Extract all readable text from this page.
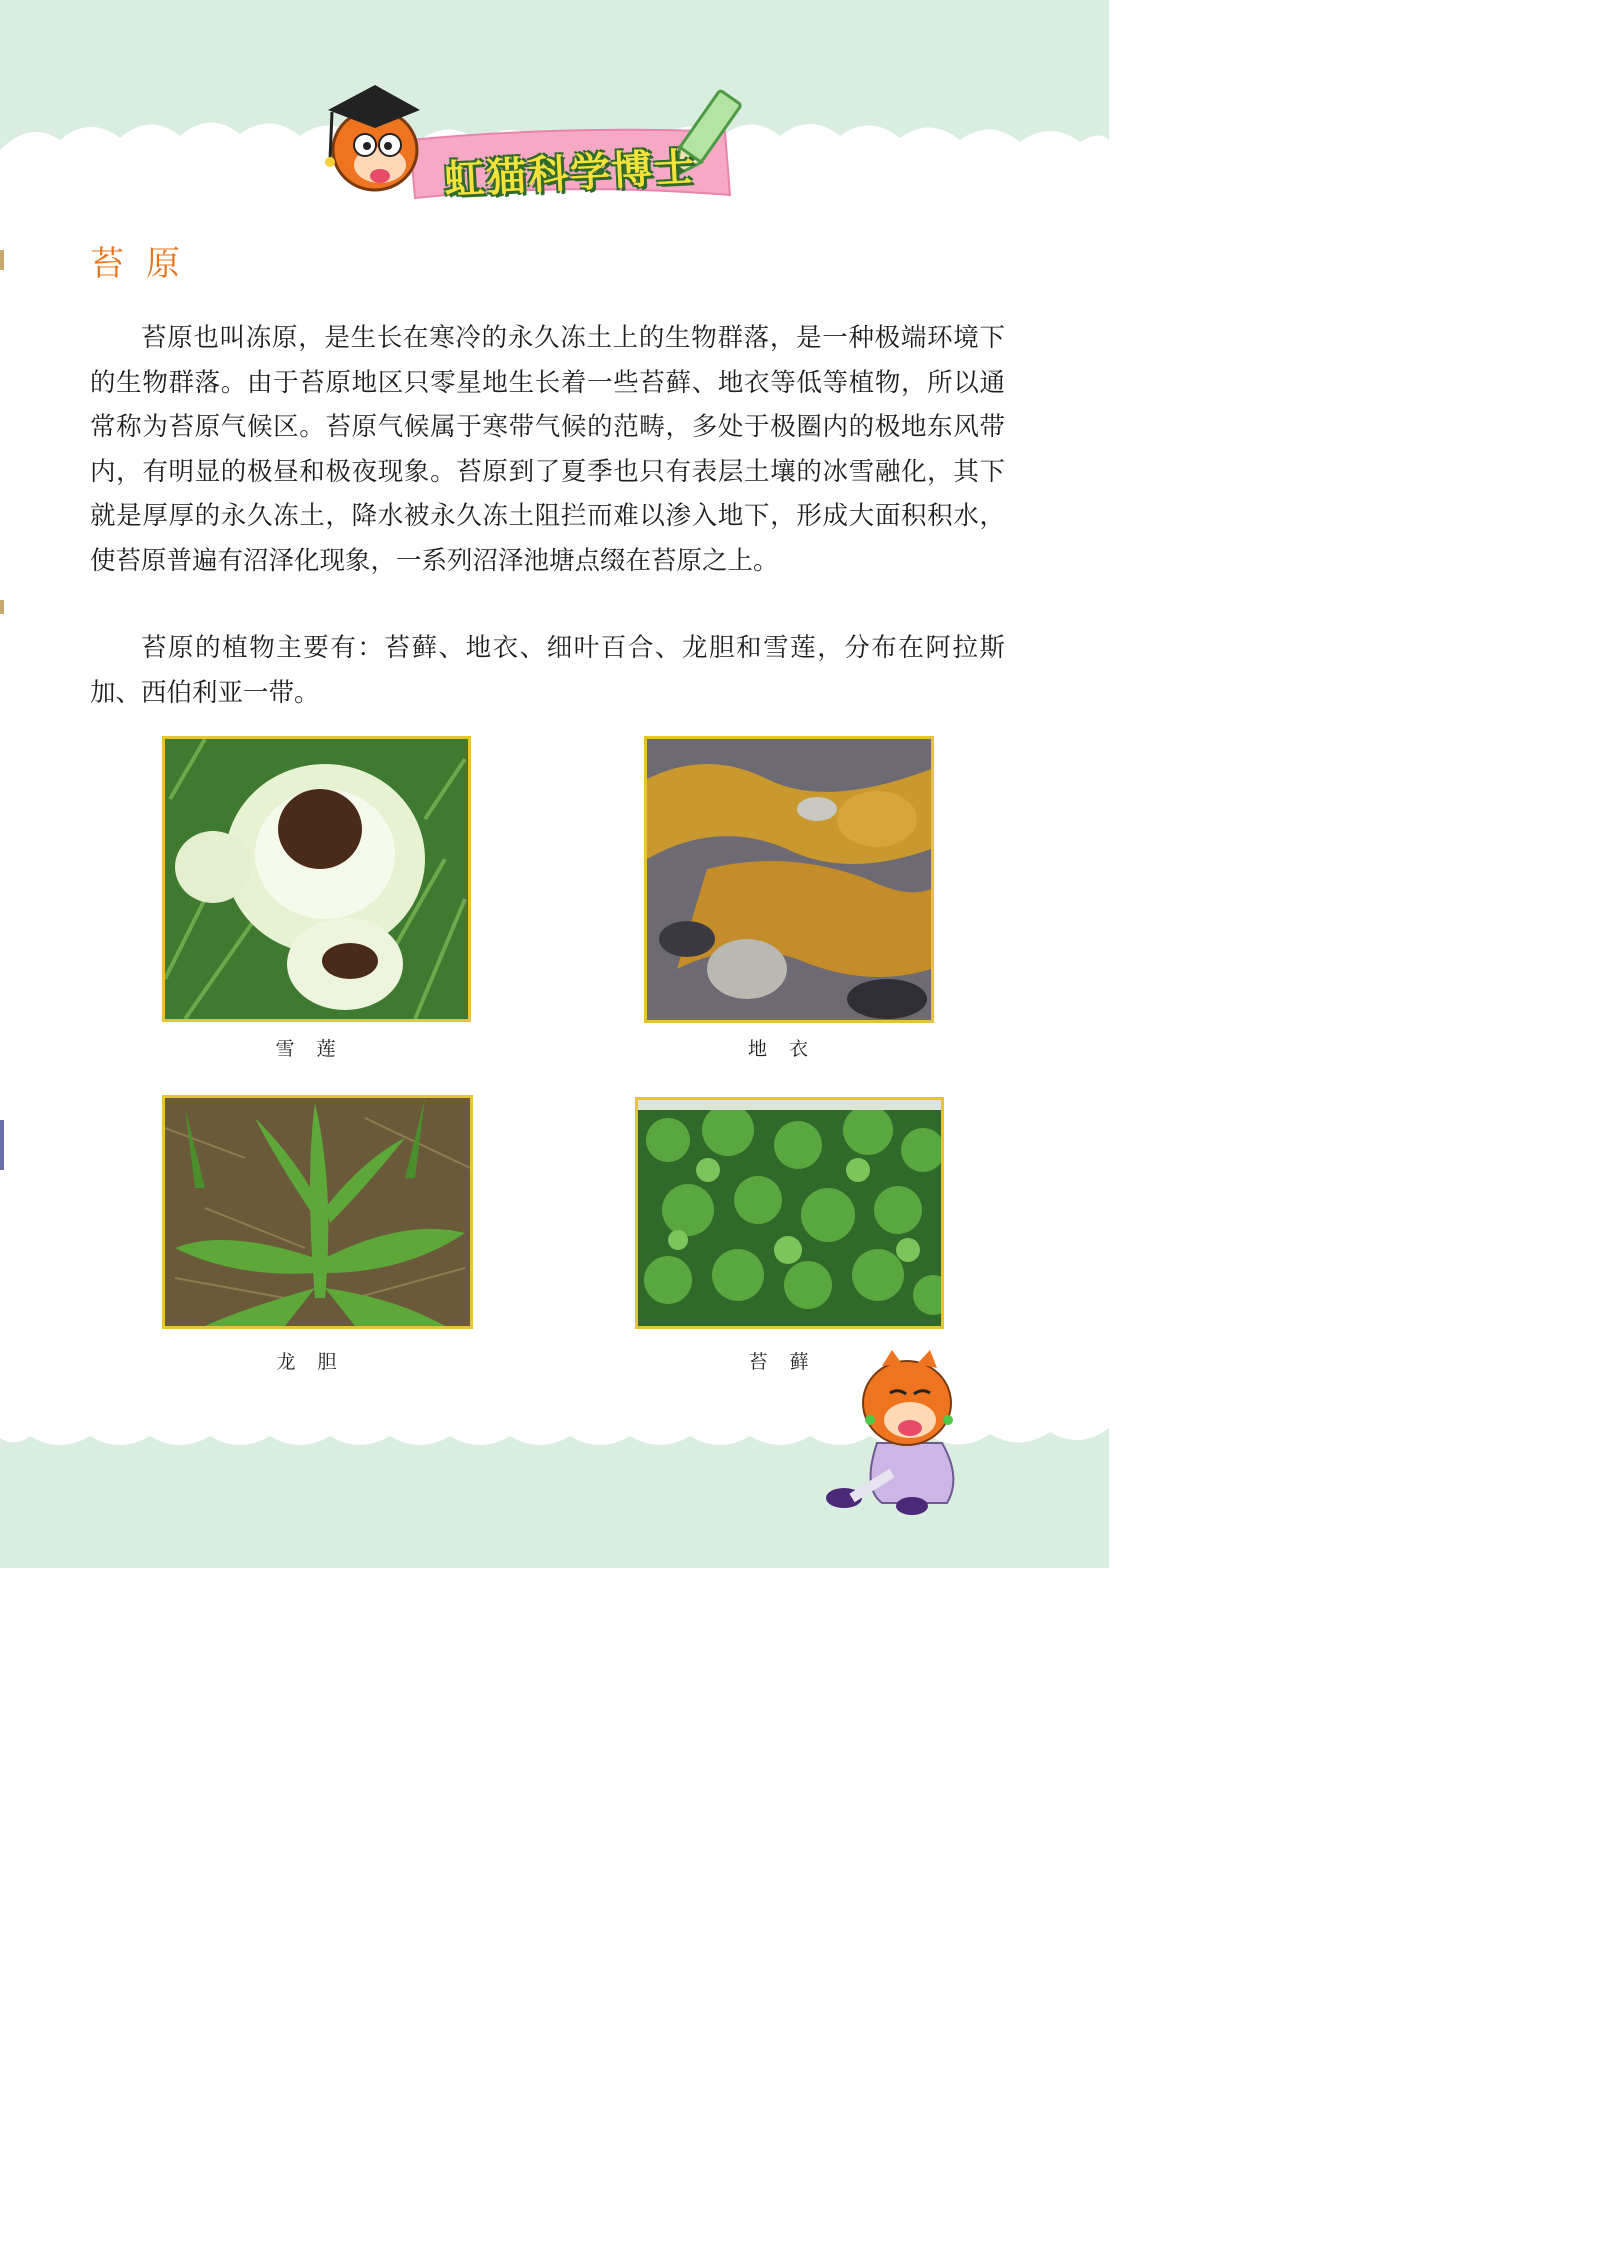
虹猫科学博士
苔原

苔原也叫冻原，是生长在寒冷的永久冻土上的生物群落，是一种极端环境下的生物群落。由于苔原地区只零星地生长着一些苔藓、地衣等低等植物，所以通常称为苔原气候区。苔原气候属于寒带气候的范畴，多处于极圈内的极地东风带内，有明显的极昼和极夜现象。苔原到了夏季也只有表层土壤的冰雪融化，其下就是厚厚的永久冻土，降水被永久冻土阻拦而难以渗入地下，形成大面积积水，使苔原普遍有沼泽化现象，一系列沼泽池塘点缀在苔原之上。

苔原的植物主要有：苔藓、地衣、细叶百合、龙胆和雪莲，分布在阿拉斯加、西伯利亚一带。

雪莲	地衣
龙胆	苔藓
